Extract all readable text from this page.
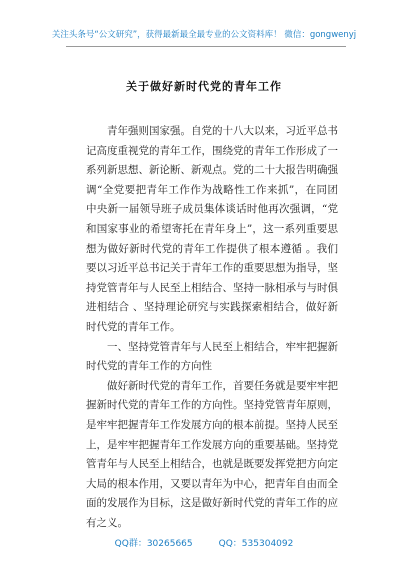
关注头条号“公文研究”，获得最新最全最专业的公文资料库！ 微信：gongwenyj
关于做好新时代党的青年工作

青年强则国家强。自党的十八大以来，习近平总书记高度重视党的青年工作，围绕党的青年工作形成了一系列新思想、新论断、新观点。党的二十大报告明确强调“全党要把青年工作作为战略性工作来抓”，在同团中央新一届领导班子成员集体谈话时他再次强调，“党和国家事业的希望寄托在青年身上”，这一系列重要思想为做好新时代党的青年工作提供了根本遵循 。我们要以习近平总书记关于青年工作的重要思想为指导，坚持党管青年与人民至上相结合、坚持一脉相承与与时俱进相结合 、坚持理论研究与实践探索相结合，做好新时代党的青年工作。

一、坚持党管青年与人民至上相结合，牢牢把握新时代党的青年工作的方向性

做好新时代党的青年工作，首要任务就是要牢牢把握新时代党的青年工作的方向性。坚持党管青年原则，是牢牢把握青年工作发展方向的根本前提。坚持人民至上，是牢牢把握青年工作发展方向的重要基础。坚持党管青年与人民至上相结合，也就是既要发挥党把方向定大局的根本作用，又要以青年为中心，把青年自由而全面的发展作为目标，这是做好新时代党的青年工作的应有之义。

QQ群：30265665	QQ：535304092
